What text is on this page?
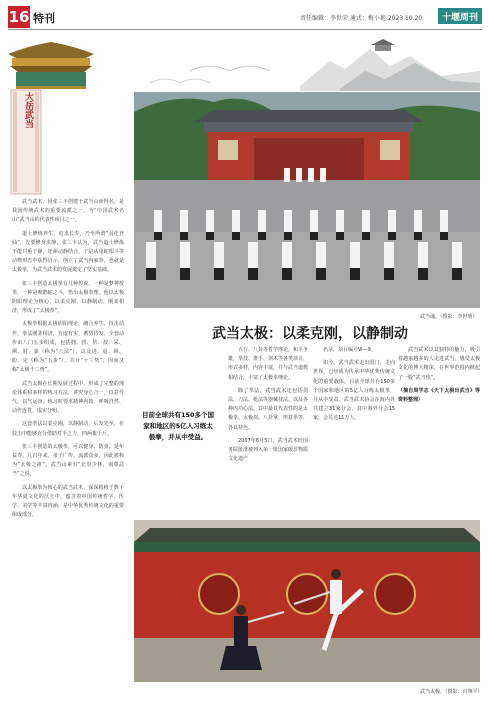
16 特刊	责任编辑：李世荣 通式：梅小艳 2023.10.20	十堰周刊
大岳武当
武当魂。（摄影：李世明）
武当太极：以柔克刚，以静制动
目前全球共有150多个国家和地区的5亿人习练太极拳，并从中受益。

武当武术，因张三丰创建于武当山而得名，是我国传统武术的重要流派之一，为“中国武术名山”武当山的代表性项目之一。

道士修炼养生，追求长寿，乃至所谓“羽化登仙”，先要修身求静，张三丰认为，武当道士修炼不能只重于静，还须动静结合，于是从龟蛇相斗等动物形态中获得启示，创立了武当内家拳，也就是太极拳，为武当武术的发展奠定了坚实基础。

张三丰创造太极拳有几种传说，一种是梦神授拳，一种是观鹊蛇之斗，悟出太极拳理。他以太极阴阳理论为核心，以柔克刚、以静制动，刚柔相济，形成了“太极拳”。

太极拳根据太极阴阳理论，融合养生、技击动作，拳法刚柔相济，有虚有实，蓄势待发。全套动作由八门五步组成，包括拥、捋、挤、按、采、挒、肘、靠（称为“八法”），以及进、退、顾、盼、定（称为“五步”），共计“十三势”，因而又称“太极十三势”。

武当太极在长期发展过程中，形成了完整的理论体系和多样的练习方法，讲究身心合一，以意导气，以气运身。练习时要求精神内敛、呼吸自然、动作连贯、虚实分明。

这套拳法以柔克刚，以静制动，后发先至，在技击中能够充分借助对手之力，四两拨千斤。

张三丰创造的太极拳，可以健身、防身、延年益寿，几百年来，弟子广传，流派众多，因此被称为“太极之祖”。武当山素有“北崇少林，南尊武当”之说。

以太极拳为核心的武当武术，深深根植于数千年华夏文化的沃土中，蕴含着中国传统哲学、医学、美学等丰富内涵，是中华优秀传统文化的重要组成部分。

五行、八卦等哲学理论，和平争雄，拳技、推手、剑术等各类项目，形式多样，内容丰富，并与武当道教相结合，丰富了太极拳理论。

除了拳法，武当武术还包括剑法、刀法、枪法等器械技法，以及各种内功心法。其中最具代表性的是太极拳、太极剑、八卦掌、形意拳等，各具特色。

2007年6月5日，武当武术经国务院批准被列入第一批国家级非物质文化遗产

名录，项目编号Ⅵ—9。

如今，武当武术走出国门，走向世界，已经成为传承中华优秀传统文化的重要载体。目前全球共有150多个国家和地区的5亿人习练太极拳，并从中受益。武当武术协会在海内外共建立31家分会，其中海外分会15家，会员达11万人。

武当武术以其独特的魅力，吸引着越来越多的人走进武当，感受太极文化的博大精深，在世界范围内掀起了一股“武当热”。

（摘自周学志《天下太极出武当》等资料整理）
武当太极。（摄影：百翔平）
